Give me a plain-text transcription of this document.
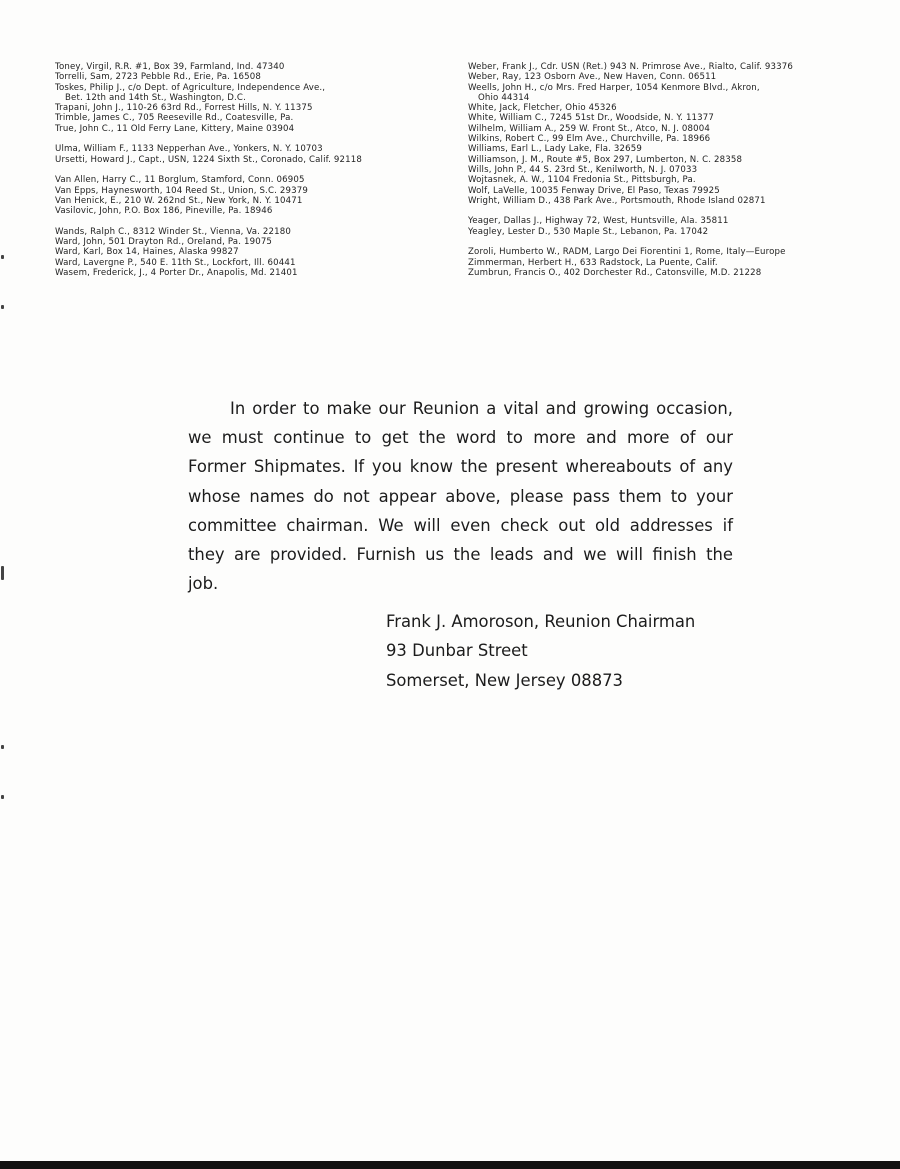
Toney, Virgil, R.R. #1, Box 39, Farmland, Ind. 47340
Torrelli, Sam, 2723 Pebble Rd., Erie, Pa. 16508
Toskes, Philip J., c/o Dept. of Agriculture, Independence Ave.,
Bet. 12th and 14th St., Washington, D.C.
Trapani, John J., 110-26 63rd Rd., Forrest Hills, N. Y. 11375
Trimble, James C., 705 Reeseville Rd., Coatesville, Pa.
True, John C., 11 Old Ferry Lane, Kittery, Maine 03904
Ulma, William F., 1133 Nepperhan Ave., Yonkers, N. Y. 10703
Ursetti, Howard J., Capt., USN, 1224 Sixth St., Coronado, Calif. 92118
Van Allen, Harry C., 11 Borglum, Stamford, Conn. 06905
Van Epps, Haynesworth, 104 Reed St., Union, S.C. 29379
Van Henick, E., 210 W. 262nd St., New York, N. Y. 10471
Vasilovic, John, P.O. Box 186, Pineville, Pa. 18946
Wands, Ralph C., 8312 Winder St., Vienna, Va. 22180
Ward, John, 501 Drayton Rd., Oreland, Pa. 19075
Ward, Karl, Box 14, Haines, Alaska 99827
Ward, Lavergne P., 540 E. 11th St., Lockfort, Ill. 60441
Wasem, Frederick, J., 4 Porter Dr., Anapolis, Md. 21401
Weber, Frank J., Cdr. USN (Ret.) 943 N. Primrose Ave., Rialto, Calif. 93376
Weber, Ray, 123 Osborn Ave., New Haven, Conn. 06511
Weells, John H., c/o Mrs. Fred Harper, 1054 Kenmore Blvd., Akron,
Ohio 44314
White, Jack, Fletcher, Ohio 45326
White, William C., 7245 51st Dr., Woodside, N. Y. 11377
Wilhelm, William A., 259 W. Front St., Atco, N. J. 08004
Wilkins, Robert C., 99 Elm Ave., Churchville, Pa. 18966
Williams, Earl L., Lady Lake, Fla. 32659
Williamson, J. M., Route #5, Box 297, Lumberton, N. C. 28358
Wills, John P., 44 S. 23rd St., Kenilworth, N. J. 07033
Wojtasnek, A. W., 1104 Fredonia St., Pittsburgh, Pa.
Wolf, LaVelle, 10035 Fenway Drive, El Paso, Texas 79925
Wright, William D., 438 Park Ave., Portsmouth, Rhode Island 02871
Yeager, Dallas J., Highway 72, West, Huntsville, Ala. 35811
Yeagley, Lester D., 530 Maple St., Lebanon, Pa. 17042
Zoroli, Humberto W., RADM, Largo Dei Fiorentini 1, Rome, Italy—Europe
Zimmerman, Herbert H., 633 Radstock, La Puente, Calif.
Zumbrun, Francis O., 402 Dorchester Rd., Catonsville, M.D. 21228
In order to make our Reunion a vital and growing occasion,
we must continue to get the word to more and more of our
Former Shipmates. If you know the present whereabouts of any
whose names do not appear above, please pass them to your
committee chairman. We will even check out old addresses if
they are provided. Furnish us the leads and we will finish the
job.
Frank J. Amoroson, Reunion Chairman
93 Dunbar Street
Somerset, New Jersey 08873
